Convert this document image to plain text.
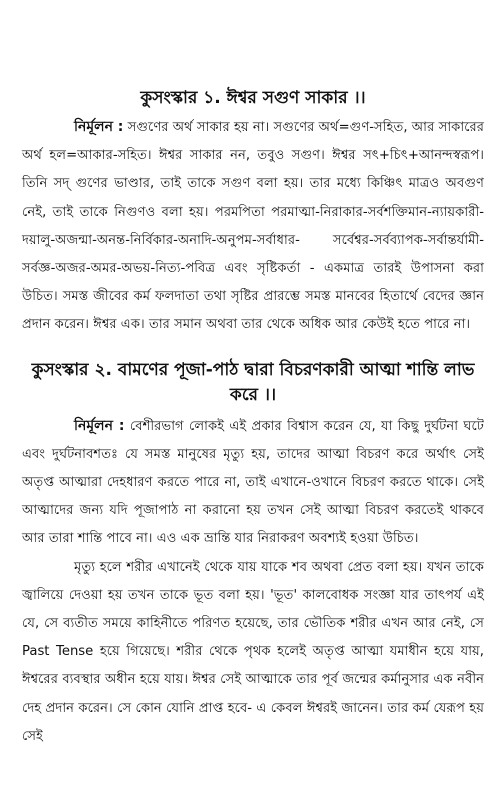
কুসংস্কার ১. ঈশ্বর সগুণ সাকার ।।

নির্মূলন : সগুণের অর্থ সাকার হয় না। সগুণের অর্থ=গুণ-সহিত, আর সাকারের অর্থ হল=আকার-সহিত। ঈশ্বর সাকার নন, তবুও সগুণ। ঈশ্বর সৎ+চিৎ+আনন্দস্বরূপ। তিনি সদ্ গুণের ভাণ্ডার, তাই তাকে সগুণ বলা হয়। তার মধ্যে কিঞ্চিৎ মাত্রও অবগুণ নেই, তাই তাকে নিগুণও বলা হয়। পরমপিতা পরমাত্মা-নিরাকার-সর্বশক্তিমান-ন্যায়কারী-দয়ালু-অজন্মা-অনন্ত-নির্বিকার-অনাদি-অনুপম-সর্বাধার- সর্বেশ্বর-সর্বব্যাপক-সর্বান্তর্যামী-সর্বজ্ঞ-অজর-অমর-অভয়-নিত্য-পবিত্র এবং সৃষ্টিকর্তা - একমাত্র তারই উপাসনা করা উচিত। সমস্ত জীবের কর্ম ফলদাতা তথা সৃষ্টির প্রারম্ভে সমস্ত মানবের হিতার্থে বেদের জ্ঞান প্রদান করেন। ঈশ্বর এক। তার সমান অথবা তার থেকে অধিক আর কেউই হতে পারে না।

কুসংস্কার ২. বামণের পূজা-পাঠ দ্বারা বিচরণকারী আত্মা শান্তি লাভ করে ।।

নির্মূলন : বেশীরভাগ লোকই এই প্রকার বিশ্বাস করেন যে, যা কিছু দুর্ঘটনা ঘটে এবং দুর্ঘটনাবশতঃ যে সমস্ত মানুষের মৃত্যু হয়, তাদের আত্মা বিচরণ করে অর্থাৎ সেই অতৃপ্ত আত্মারা দেহধারণ করতে পারে না, তাই এখানে-ওখানে বিচরণ করতে থাকে। সেই আত্মাদের জন্য যদি পূজাপাঠ না করানো হয় তখন সেই আত্মা বিচরণ করতেই থাকবে আর তারা শান্তি পাবে না। এও এক ভ্রান্তি যার নিরাকরণ অবশ্যই হওয়া উচিত।

মৃত্যু হলে শরীর এখানেই থেকে যায় যাকে শব অথবা প্রেত বলা হয়। যখন তাকে জ্বালিয়ে দেওয়া হয় তখন তাকে ভূত বলা হয়। 'ভূত' কালবোধক সংজ্ঞা যার তাৎপর্য এই যে, সে ব্যতীত সময়ে কাহিনীতে পরিণত হয়েছে, তার ভৌতিক শরীর এখন আর নেই, সে Past Tense হয়ে গিয়েছে। শরীর থেকে পৃথক হলেই অতৃপ্ত আত্মা যমাধীন হয়ে যায়, ঈশ্বরের ব্যবস্থার অধীন হয়ে যায়। ঈশ্বর সেই আত্মাকে তার পূর্ব জন্মের কর্মানুসার এক নবীন দেহ প্রদান করেন। সে কোন যোনি প্রাপ্ত হবে- এ কেবল ঈশ্বরই জানেন। তার কর্ম যেরূপ হয় সেই
